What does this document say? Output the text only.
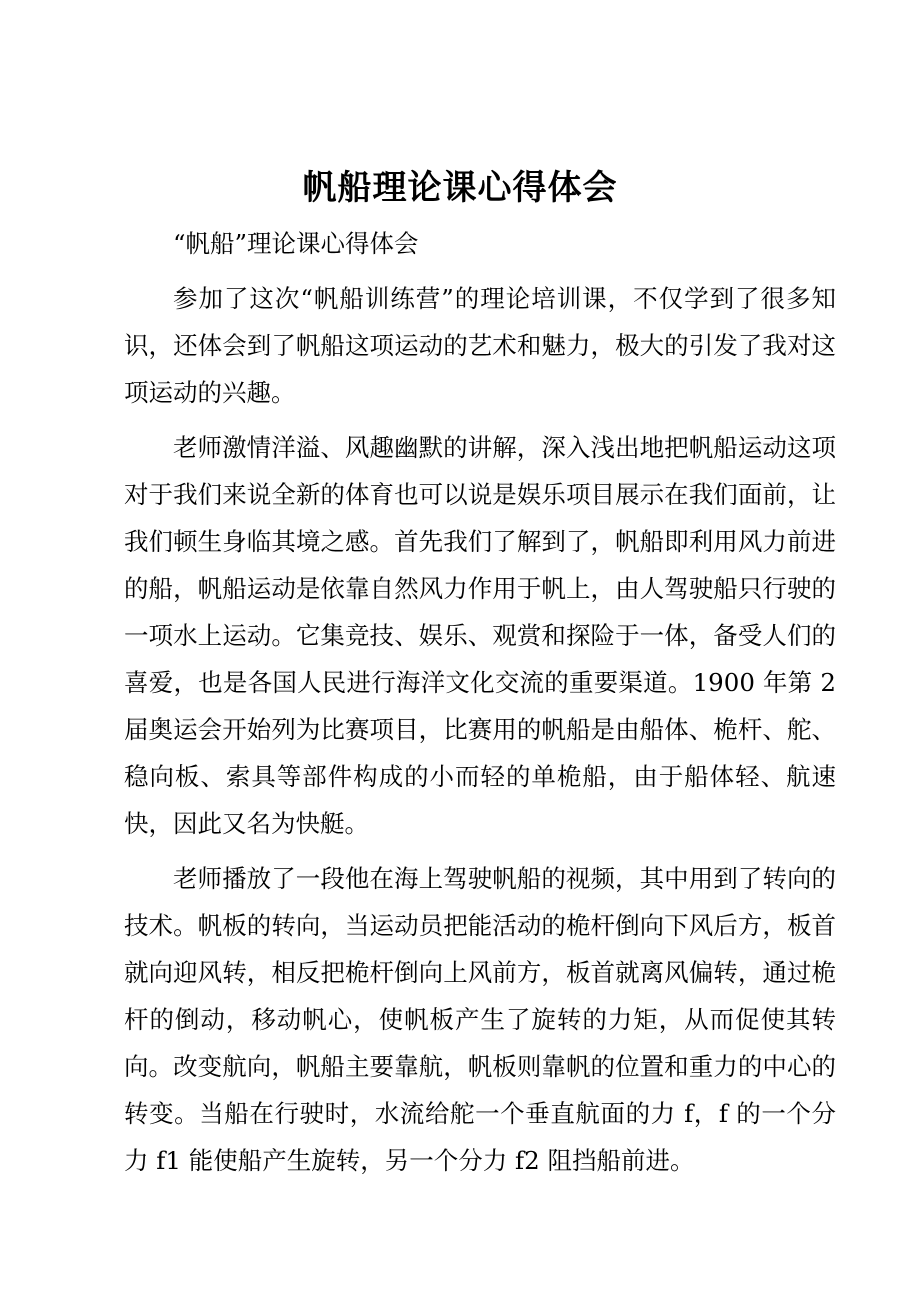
帆船理论课心得体会

“帆船”理论课心得体会

参加了这次“帆船训练营”的理论培训课，不仅学到了很多知识，还体会到了帆船这项运动的艺术和魅力，极大的引发了我对这项运动的兴趣。

老师激情洋溢、风趣幽默的讲解，深入浅出地把帆船运动这项对于我们来说全新的体育也可以说是娱乐项目展示在我们面前，让我们顿生身临其境之感。首先我们了解到了，帆船即利用风力前进的船，帆船运动是依靠自然风力作用于帆上，由人驾驶船只行驶的一项水上运动。它集竞技、娱乐、观赏和探险于一体，备受人们的喜爱，也是各国人民进行海洋文化交流的重要渠道。1900 年第 2 届奥运会开始列为比赛项目，比赛用的帆船是由船体、桅杆、舵、稳向板、索具等部件构成的小而轻的单桅船，由于船体轻、航速快，因此又名为快艇。

老师播放了一段他在海上驾驶帆船的视频，其中用到了转向的技术。帆板的转向，当运动员把能活动的桅杆倒向下风后方，板首就向迎风转，相反把桅杆倒向上风前方，板首就离风偏转，通过桅杆的倒动，移动帆心，使帆板产生了旋转的力矩，从而促使其转向。改变航向，帆船主要靠航，帆板则靠帆的位置和重力的中心的转变。当船在行驶时，水流给舵一个垂直航面的力 f，f 的一个分力 f1 能使船产生旋转，另一个分力 f2 阻挡船前进。
